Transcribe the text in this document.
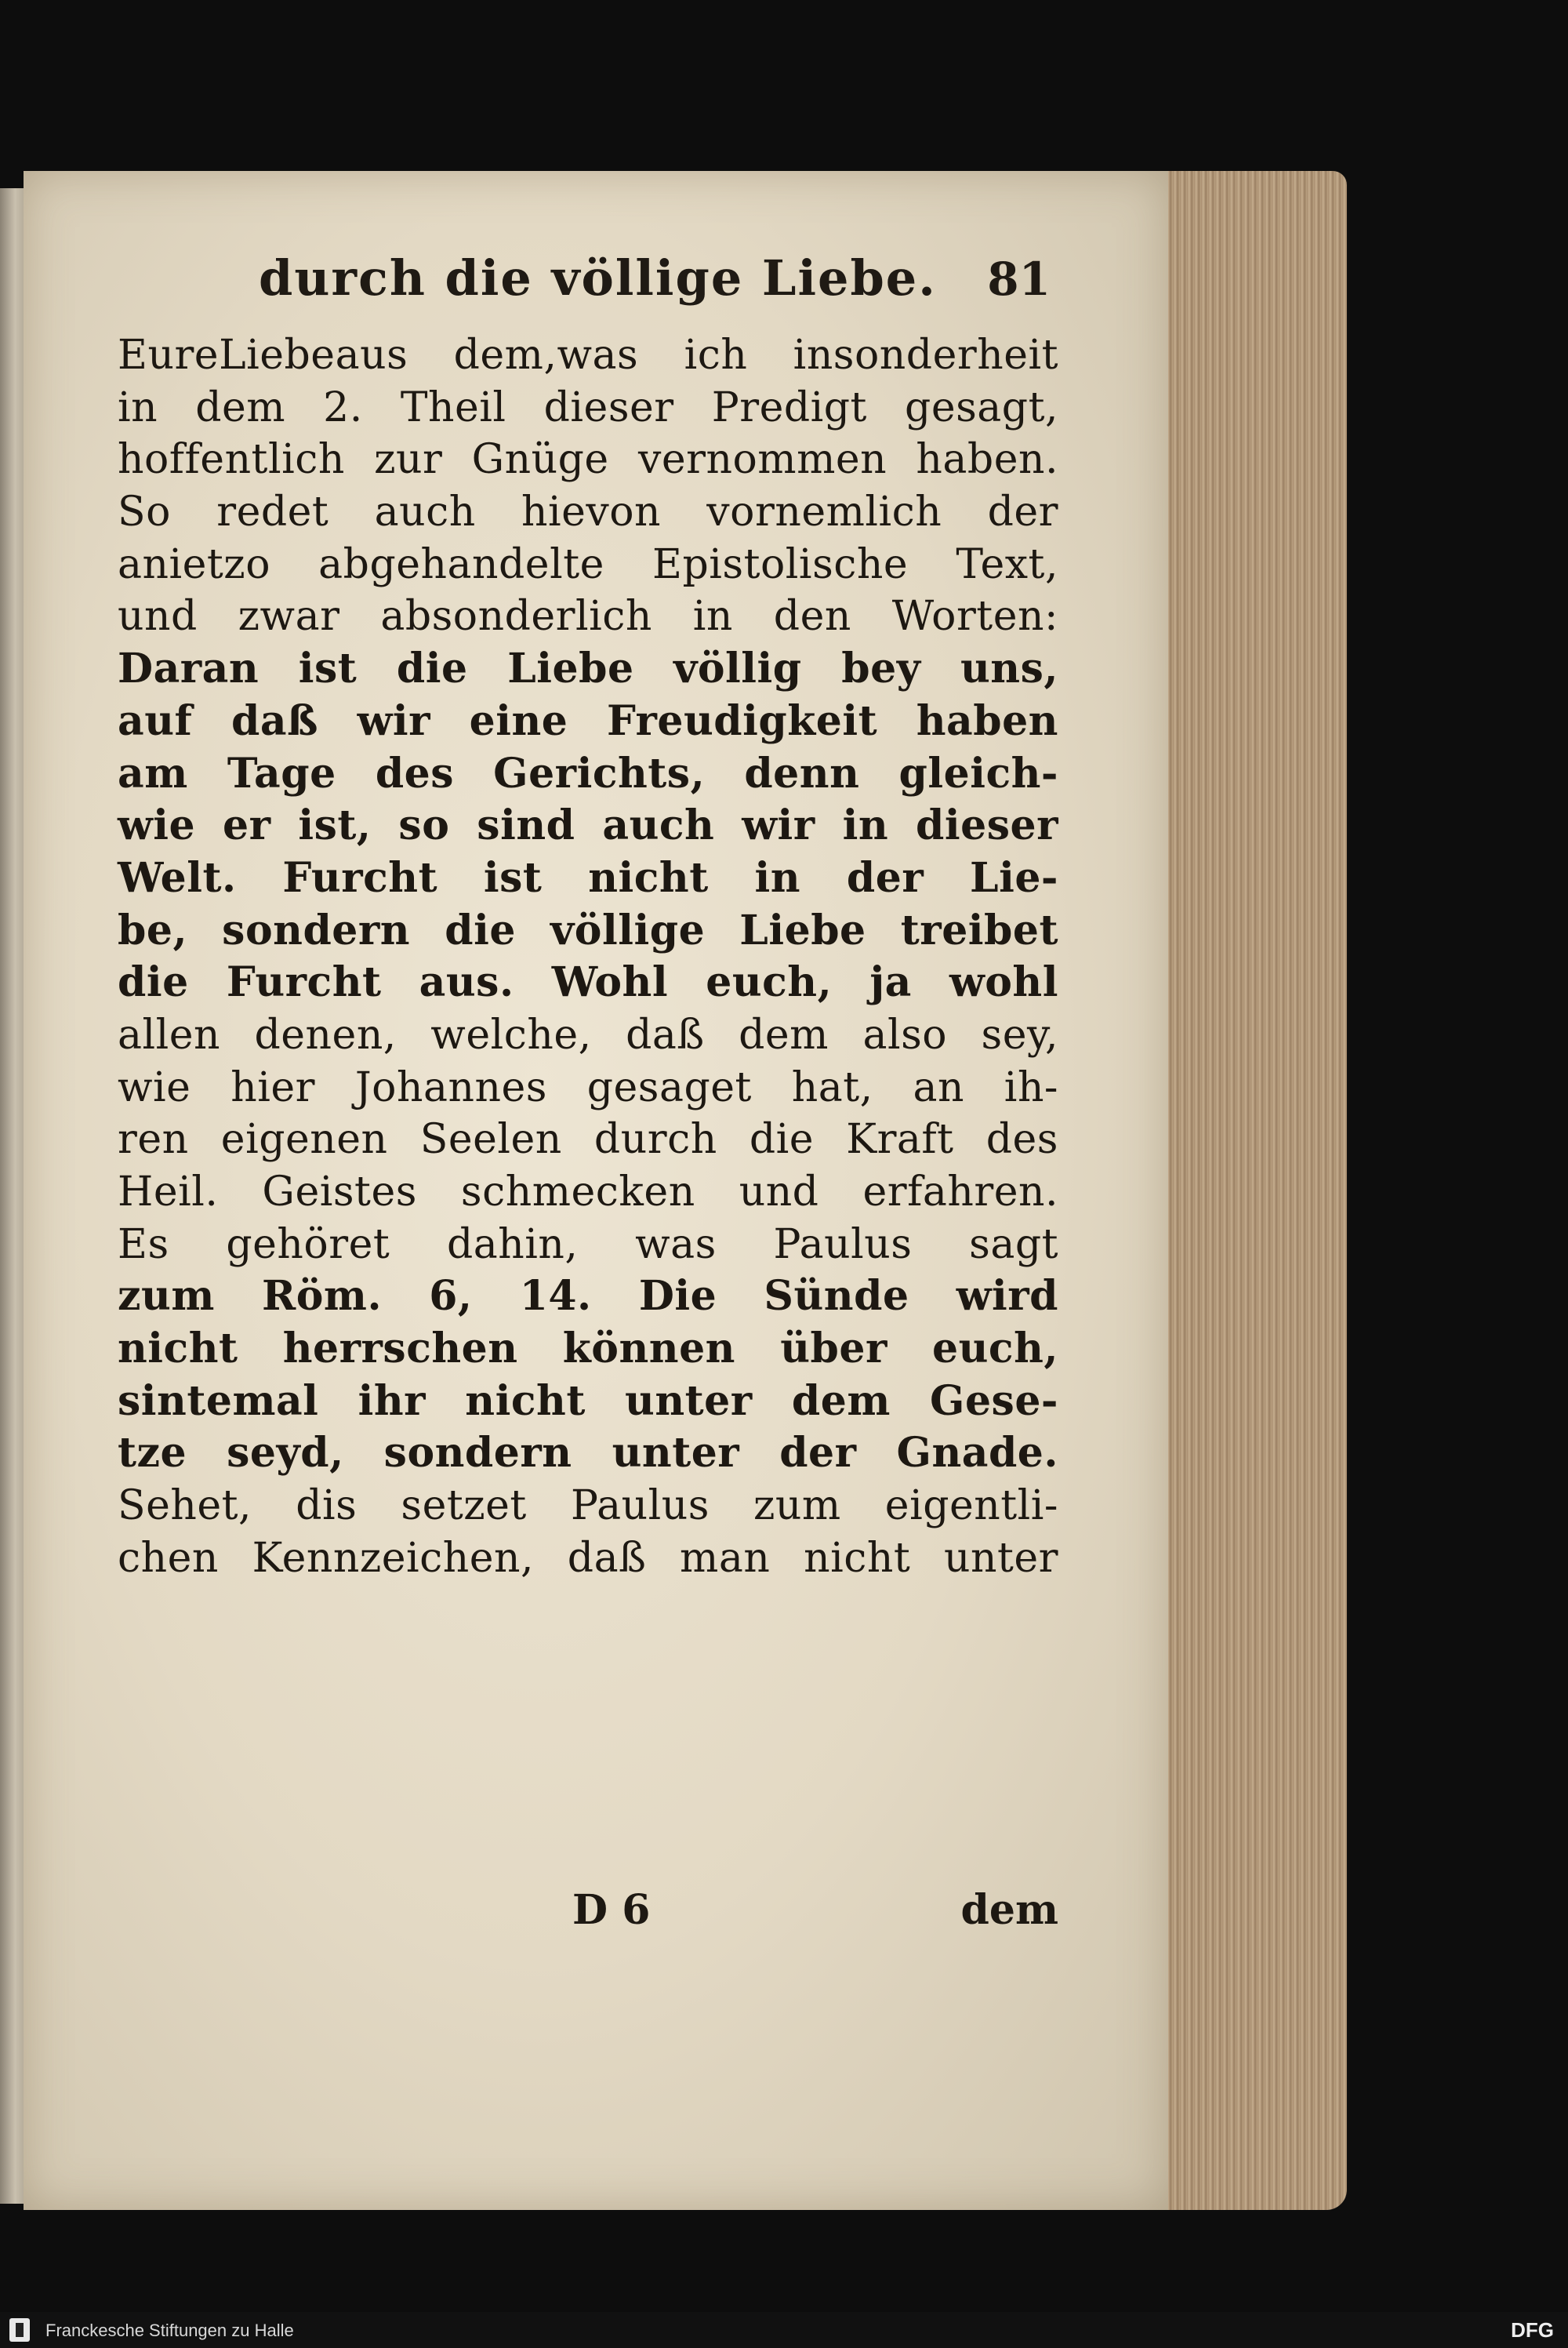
durch die völlige Liebe. 81
EureLiebeaus dem,was ich insonderheit
in dem 2. Theil dieser Predigt gesagt,
hoffentlich zur Gnüge vernommen haben.
So redet auch hievon vornemlich der
anietzo abgehandelte Epistolische Text,
und zwar absonderlich in den Worten:
Daran ist die Liebe völlig bey uns,
auf daß wir eine Freudigkeit haben
am Tage des Gerichts, denn gleich-
wie er ist, so sind auch wir in dieser
Welt. Furcht ist nicht in der Lie-
be, sondern die völlige Liebe treibet
die Furcht aus. Wohl euch, ja wohl
allen denen, welche, daß dem also sey,
wie hier Johannes gesaget hat, an ih-
ren eigenen Seelen durch die Kraft des
Heil. Geistes schmecken und erfahren.
Es gehöret dahin, was Paulus sagt
zum Röm. 6, 14. Die Sünde wird
nicht herrschen können über euch,
sintemal ihr nicht unter dem Gese-
tze seyd, sondern unter der Gnade.
Sehet, dis setzet Paulus zum eigentli-
chen Kennzeichen, daß man nicht unter
D 6	dem
Franckesche Stiftungen zu Halle	DFG
